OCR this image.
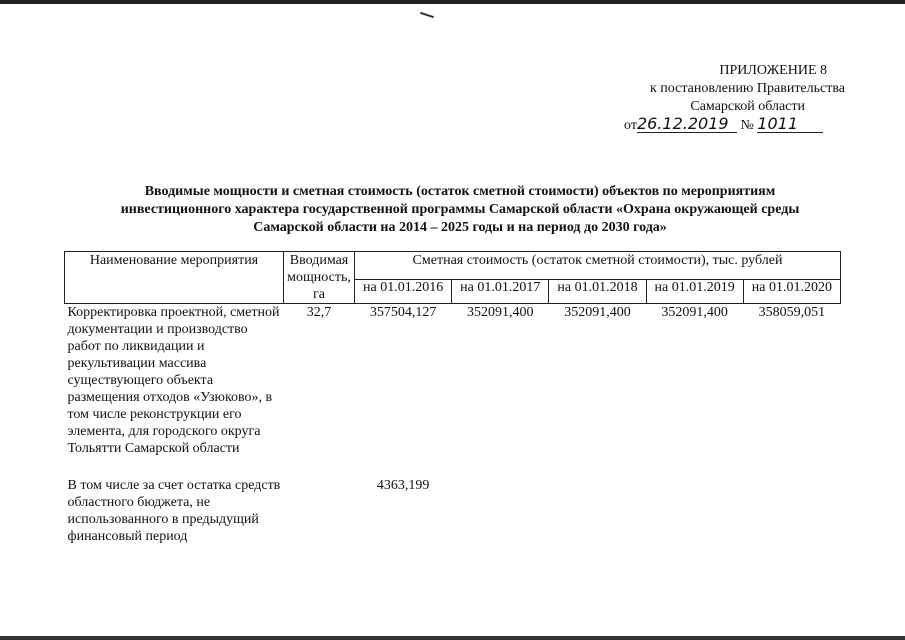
ПРИЛОЖЕНИЕ 8
к постановлению Правительства
Самарской области
от26.12.2019 № 1011
Вводимые мощности и сметная стоимость (остаток сметной стоимости) объектов по мероприятиям инвестиционного характера государственной программы Самарской области «Охрана окружающей среды Самарской области на 2014 – 2025 годы и на период до 2030 года»
Наименование мероприятия	Вводимая мощность, га	Сметная стоимость (остаток сметной стоимости), тыс. рублей				
		на 01.01.2016	на 01.01.2017	на 01.01.2018	на 01.01.2019	на 01.01.2020
Корректировка проектной, сметной документации и производство работ по ликвидации и рекультивации массива существующего объекта размещения отходов «Узюково», в том числе реконструкции его элемента, для городского округа Тольятти Самарской области	32,7	357504,127	352091,400	352091,400	352091,400	358059,051

В том числе за счет остатка средств областного бюджета, не использованного в предыдущий финансовый период		4363,199				
